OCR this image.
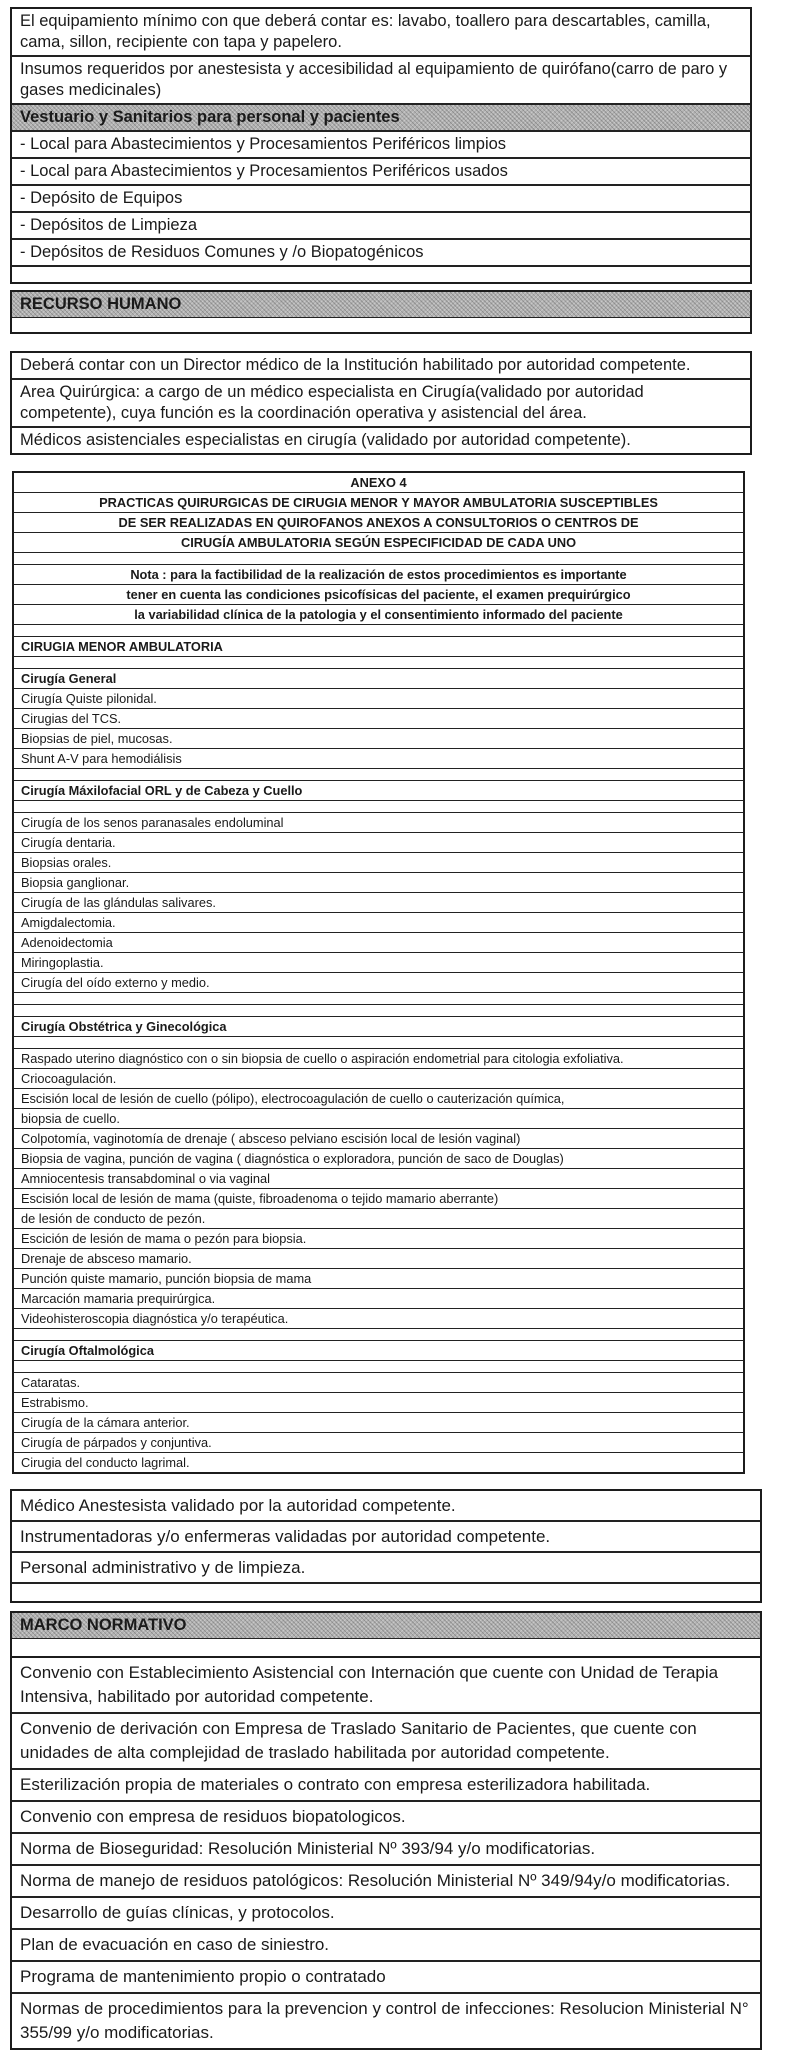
El equipamiento mínimo con que deberá contar es: lavabo, toallero para descartables, camilla, cama, sillon, recipiente con tapa y papelero.
Insumos requeridos por anestesista y accesibilidad al equipamiento de quirófano(carro de paro y gases medicinales)
Vestuario y Sanitarios para personal y pacientes
- Local para Abastecimientos y Procesamientos Periféricos limpios
- Local para Abastecimientos y Procesamientos Periféricos usados
- Depósito de Equipos
- Depósitos de Limpieza
- Depósitos de Residuos Comunes y /o Biopatogénicos
RECURSO HUMANO
Deberá contar con un Director médico de la Institución habilitado por autoridad competente.
Area Quirúrgica: a cargo de un médico especialista en Cirugía(validado por autoridad competente), cuya función es la coordinación operativa y asistencial del área.
Médicos asistenciales especialistas en cirugía (validado por autoridad competente).
ANEXO 4
PRACTICAS QUIRURGICAS DE CIRUGIA MENOR Y MAYOR AMBULATORIA SUSCEPTIBLES
DE SER REALIZADAS EN QUIROFANOS ANEXOS A CONSULTORIOS O CENTROS DE
CIRUGÍA AMBULATORIA SEGÚN ESPECIFICIDAD DE CADA UNO
Nota : para la factibilidad de la realización de estos procedimientos es importante
tener en cuenta las condiciones psicofísicas del paciente, el examen prequirúrgico
la variabilidad clínica de la patologia y el consentimiento informado del paciente
CIRUGIA MENOR AMBULATORIA
Cirugía General
Cirugía Quiste pilonidal.
Cirugias del TCS.
Biopsias de piel, mucosas.
Shunt A-V para hemodiálisis
Cirugía Máxilofacial ORL y de Cabeza y Cuello
Cirugía de los senos paranasales endoluminal
Cirugía dentaria.
Biopsias orales.
Biopsia ganglionar.
Cirugía de las glándulas salivares.
Amigdalectomia.
Adenoidectomia
Miringoplastia.
Cirugía del oído externo y medio.
Cirugía Obstétrica y Ginecológica
Raspado uterino diagnóstico con o sin biopsia de cuello o aspiración endometrial para citologia exfoliativa.
Criocoagulación.
Escisión local de lesión de cuello (pólipo), electrocoagulación de cuello o cauterización química,
biopsia de cuello.
Colpotomía, vaginotomía de drenaje ( absceso pelviano escisión local de lesión vaginal)
Biopsia de vagina, punción de vagina ( diagnóstica o exploradora, punción de saco de Douglas)
Amniocentesis transabdominal o via vaginal
Escisión local de lesión de mama (quiste, fibroadenoma o tejido mamario aberrante)
de lesión de conducto de pezón.
Escición de lesión de mama o pezón para biopsia.
Drenaje de absceso mamario.
Punción quiste mamario, punción biopsia de mama
Marcación mamaria prequirúrgica.
Videohisteroscopia diagnóstica y/o terapéutica.
Cirugía Oftalmológica
Cataratas.
Estrabismo.
Cirugía de la cámara anterior.
Cirugía de párpados y conjuntiva.
Cirugia del conducto lagrimal.
Médico Anestesista validado por la autoridad competente.
Instrumentadoras y/o enfermeras validadas por autoridad competente.
Personal administrativo y de limpieza.
MARCO NORMATIVO
Convenio con Establecimiento Asistencial con Internación que cuente con Unidad de Terapia Intensiva, habilitado por autoridad competente.
Convenio de derivación con Empresa de Traslado Sanitario de Pacientes, que cuente con unidades de alta complejidad de traslado habilitada por autoridad competente.
Esterilización propia de materiales o contrato con empresa esterilizadora habilitada.
Convenio con empresa de residuos biopatologicos.
Norma de Bioseguridad: Resolución Ministerial Nº 393/94 y/o modificatorias.
Norma de manejo de residuos patológicos: Resolución Ministerial Nº 349/94y/o modificatorias.
Desarrollo de guías clínicas, y protocolos.
Plan de evacuación en caso de siniestro.
Programa de mantenimiento propio o contratado
Normas de procedimientos para la prevencion y control de infecciones: Resolucion Ministerial N° 355/99 y/o modificatorias.
